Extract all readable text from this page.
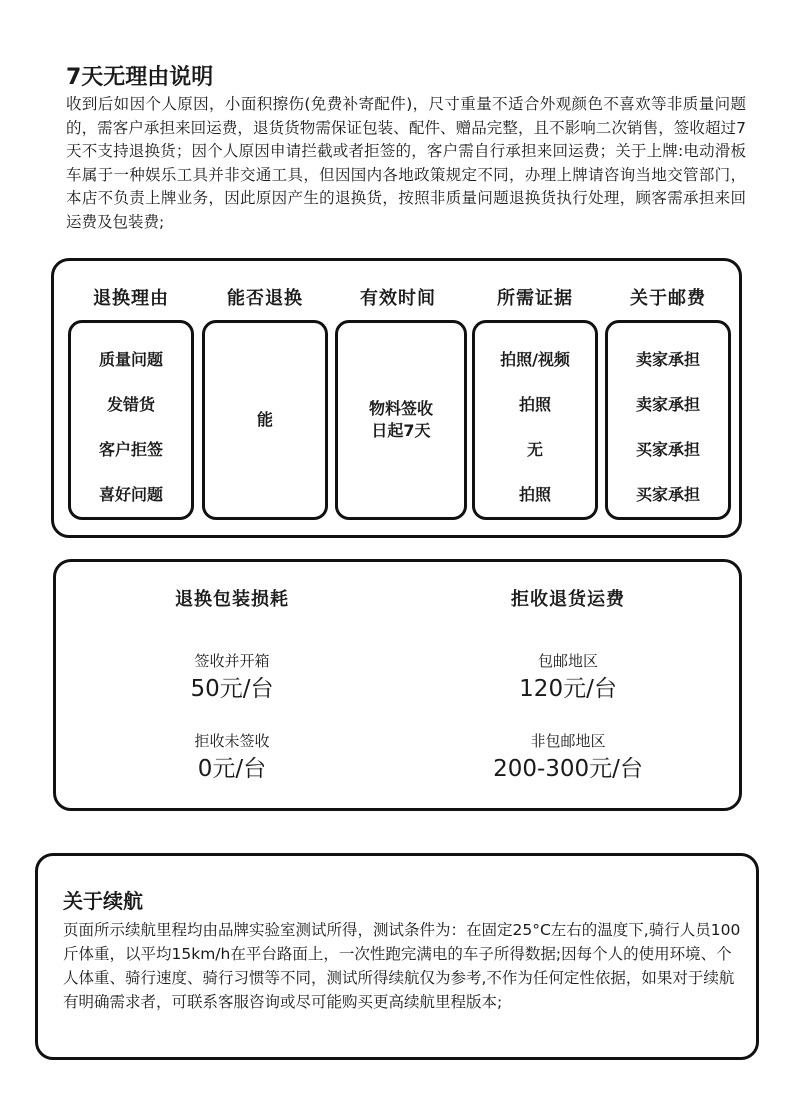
7天无理由说明

收到后如因个人原因，小面积擦伤(免费补寄配件)，尺寸重量不适合外观颜色不喜欢等非质量问题的，需客户承担来回运费，退货货物需保证包装、配件、赠品完整，且不影响二次销售，签收超过7天不支持退换货；因个人原因申请拦截或者拒签的，客户需自行承担来回运费；关于上牌:电动滑板车属于一种娱乐工具并非交通工具，但因国内各地政策规定不同，办理上牌请咨询当地交管部门，本店不负责上牌业务，因此原因产生的退换货，按照非质量问题退换货执行处理，顾客需承担来回运费及包装费;

退换理由
质量问题
发错货
客户拒签
喜好问题
能否退换
能
有效时间
物料签收
日起7天
所需证据
拍照/视频
拍照
无
拍照
关于邮费
卖家承担
卖家承担
买家承担
买家承担
退换包装损耗
签收并开箱
50元/台
拒收未签收
0元/台
拒收退货运费
包邮地区
120元/台
非包邮地区
200-300元/台
关于续航

页面所示续航里程均由品牌实验室测试所得，测试条件为：在固定25°C左右的温度下,骑行人员100斤体重，以平均15km/h在平台路面上，一次性跑完满电的车子所得数据;因每个人的使用环境、个人体重、骑行速度、骑行习惯等不同，测试所得续航仅为参考,不作为任何定性依据，如果对于续航有明确需求者，可联系客服咨询或尽可能购买更高续航里程版本;
